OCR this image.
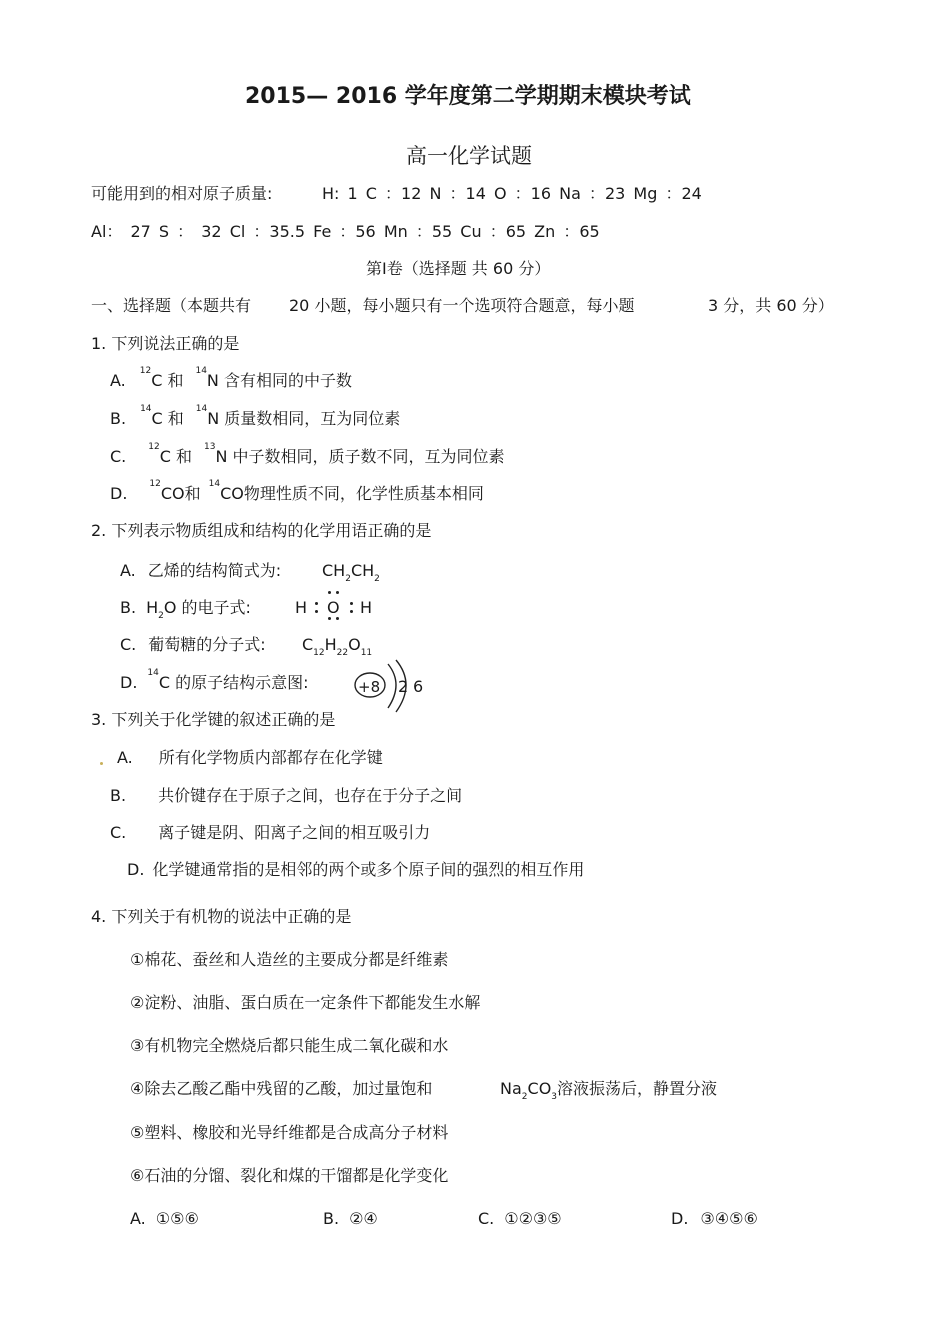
2015— 2016 学年度第二学期期末模块考试
高一化学试题
可能用到的相对原子质量:	H: 1 C ：12 N ：14 O ：16 Na ：23 Mg ：24
Al： 27 S ： 32 Cl ：35.5 Fe ：56 Mn ：55 Cu ：65 Zn ：65
第Ⅰ卷（选择题 共 60 分）
一、选择题（本题共有 20 小题，每小题只有一个选项符合题意，每小题	3 分，共 60 分）
1. 下列说法正确的是
A. $^{12}$C 和 $^{14}$N 含有相同的中子数
B. $^{14}$C 和 $^{14}$N 质量数相同，互为同位素
C. $^{12}$C 和 $^{13}$N 中子数相同，质子数不同，互为同位素
D. $^{12}$CO和 $^{14}$CO物理性质不同，化学性质基本相同
2. 下列表示物质组成和结构的化学用语正确的是
A. 乙烯的结构简式为:	$CH_2CH_2$
B. $H_2O$ 的电子式:	H O H
C. 葡萄糖的分子式: $C_{12}H_{22}O_{11}$
D. $^{14}$C 的原子结构示意图:	+8 2 6
3. 下列关于化学键的叙述正确的是
A. 所有化学物质内部都存在化学键
B. 共价键存在于原子之间，也存在于分子之间
C. 离子键是阴、阳离子之间的相互吸引力
D. 化学键通常指的是相邻的两个或多个原子间的强烈的相互作用
4. 下列关于有机物的说法中正确的是
①棉花、蚕丝和人造丝的主要成分都是纤维素
②淀粉、油脂、蛋白质在一定条件下都能发生水解
③有机物完全燃烧后都只能生成二氧化碳和水
④除去乙酸乙酯中残留的乙酸，加过量饱和	$Na_2CO_3$溶液振荡后，静置分液
⑤塑料、橡胶和光导纤维都是合成高分子材料
⑥石油的分馏、裂化和煤的干馏都是化学变化
A. ①⑤⑥	B. ②④	C. ①②③⑤	D. ③④⑤⑥
